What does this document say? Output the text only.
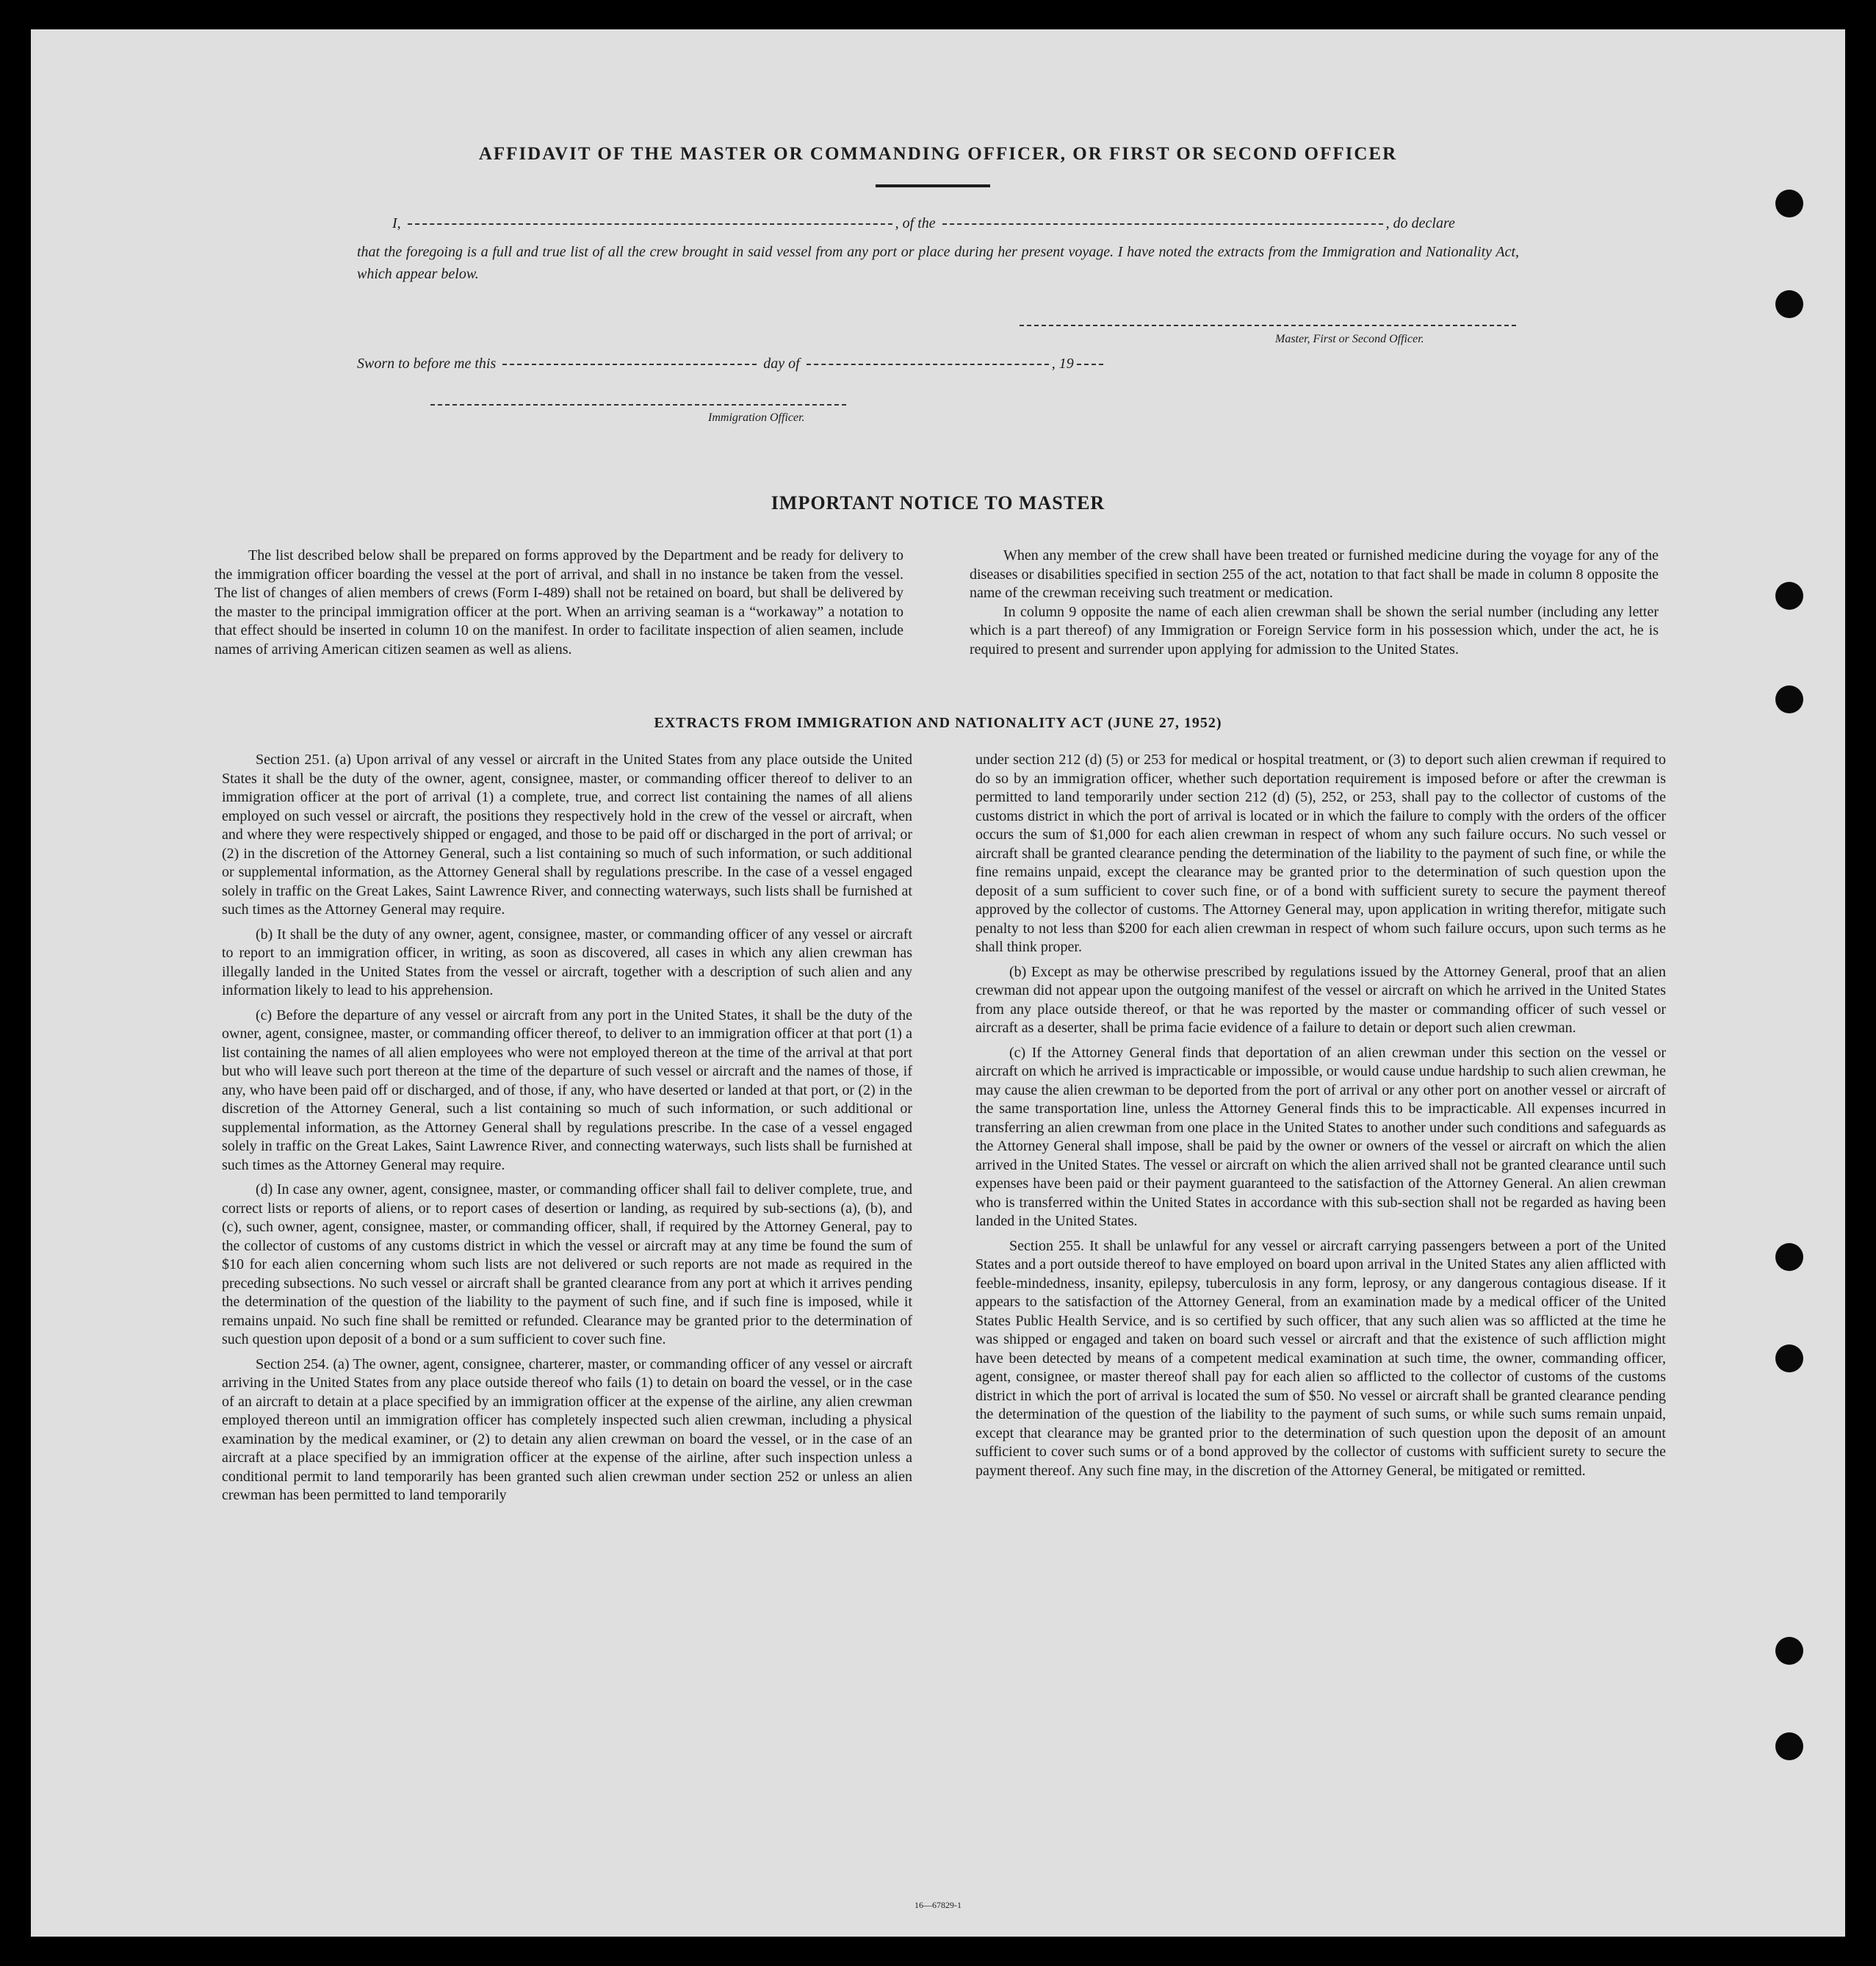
AFFIDAVIT OF THE MASTER OR COMMANDING OFFICER, OR FIRST OR SECOND OFFICER
I,	, of the	, do declare
that the foregoing is a full and true list of all the crew brought in said vessel from any port or place during her present voyage. I have noted the extracts from the Immigration and Nationality Act, which appear below.
Master, First or Second Officer.
Sworn to before me this	day of	, 19
Immigration Officer.
IMPORTANT NOTICE TO MASTER

The list described below shall be prepared on forms approved by the Department and be ready for delivery to the immigration officer boarding the vessel at the port of arrival, and shall in no instance be taken from the vessel. The list of changes of alien members of crews (Form I-489) shall not be retained on board, but shall be delivered by the master to the principal immigration officer at the port. When an arriving seaman is a “workaway” a notation to that effect should be inserted in column 10 on the manifest. In order to facilitate inspection of alien seamen, include names of arriving American citizen seamen as well as aliens.

When any member of the crew shall have been treated or furnished medicine during the voyage for any of the diseases or disabilities specified in section 255 of the act, notation to that fact shall be made in column 8 opposite the name of the crewman receiving such treatment or medication.

In column 9 opposite the name of each alien crewman shall be shown the serial number (including any letter which is a part thereof) of any Immigration or Foreign Service form in his possession which, under the act, he is required to present and surrender upon applying for admission to the United States.

EXTRACTS FROM IMMIGRATION AND NATIONALITY ACT (JUNE 27, 1952)

Section 251. (a) Upon arrival of any vessel or aircraft in the United States from any place outside the United States it shall be the duty of the owner, agent, consignee, master, or commanding officer thereof to deliver to an immigration officer at the port of arrival (1) a complete, true, and correct list containing the names of all aliens employed on such vessel or aircraft, the positions they respectively hold in the crew of the vessel or aircraft, when and where they were respectively shipped or engaged, and those to be paid off or discharged in the port of arrival; or (2) in the discretion of the Attorney General, such a list containing so much of such information, or such additional or supplemental information, as the Attorney General shall by regulations prescribe. In the case of a vessel engaged solely in traffic on the Great Lakes, Saint Lawrence River, and connecting waterways, such lists shall be furnished at such times as the Attorney General may require.

(b) It shall be the duty of any owner, agent, consignee, master, or commanding officer of any vessel or aircraft to report to an immigration officer, in writing, as soon as discovered, all cases in which any alien crewman has illegally landed in the United States from the vessel or aircraft, together with a description of such alien and any information likely to lead to his apprehension.

(c) Before the departure of any vessel or aircraft from any port in the United States, it shall be the duty of the owner, agent, consignee, master, or commanding officer thereof, to deliver to an immigration officer at that port (1) a list containing the names of all alien employees who were not employed thereon at the time of the arrival at that port but who will leave such port thereon at the time of the departure of such vessel or aircraft and the names of those, if any, who have been paid off or discharged, and of those, if any, who have deserted or landed at that port, or (2) in the discretion of the Attorney General, such a list containing so much of such information, or such additional or supplemental information, as the Attorney General shall by regulations prescribe. In the case of a vessel engaged solely in traffic on the Great Lakes, Saint Lawrence River, and connecting waterways, such lists shall be furnished at such times as the Attorney General may require.

(d) In case any owner, agent, consignee, master, or commanding officer shall fail to deliver complete, true, and correct lists or reports of aliens, or to report cases of desertion or landing, as required by sub-sections (a), (b), and (c), such owner, agent, consignee, master, or commanding officer, shall, if required by the Attorney General, pay to the collector of customs of any customs district in which the vessel or aircraft may at any time be found the sum of $10 for each alien concerning whom such lists are not delivered or such reports are not made as required in the preceding subsections. No such vessel or aircraft shall be granted clearance from any port at which it arrives pending the determination of the question of the liability to the payment of such fine, and if such fine is imposed, while it remains unpaid. No such fine shall be remitted or refunded. Clearance may be granted prior to the determination of such question upon deposit of a bond or a sum sufficient to cover such fine.

Section 254. (a) The owner, agent, consignee, charterer, master, or commanding officer of any vessel or aircraft arriving in the United States from any place outside thereof who fails (1) to detain on board the vessel, or in the case of an aircraft to detain at a place specified by an immigration officer at the expense of the airline, any alien crewman employed thereon until an immigration officer has completely inspected such alien crewman, including a physical examination by the medical examiner, or (2) to detain any alien crewman on board the vessel, or in the case of an aircraft at a place specified by an immigration officer at the expense of the airline, after such inspection unless a conditional permit to land temporarily has been granted such alien crewman under section 252 or unless an alien crewman has been permitted to land temporarily

under section 212 (d) (5) or 253 for medical or hospital treatment, or (3) to deport such alien crewman if required to do so by an immigration officer, whether such deportation requirement is imposed before or after the crewman is permitted to land temporarily under section 212 (d) (5), 252, or 253, shall pay to the collector of customs of the customs district in which the port of arrival is located or in which the failure to comply with the orders of the officer occurs the sum of $1,000 for each alien crewman in respect of whom any such failure occurs. No such vessel or aircraft shall be granted clearance pending the determination of the liability to the payment of such fine, or while the fine remains unpaid, except the clearance may be granted prior to the determination of such question upon the deposit of a sum sufficient to cover such fine, or of a bond with sufficient surety to secure the payment thereof approved by the collector of customs. The Attorney General may, upon application in writing therefor, mitigate such penalty to not less than $200 for each alien crewman in respect of whom such failure occurs, upon such terms as he shall think proper.

(b) Except as may be otherwise prescribed by regulations issued by the Attorney General, proof that an alien crewman did not appear upon the outgoing manifest of the vessel or aircraft on which he arrived in the United States from any place outside thereof, or that he was reported by the master or commanding officer of such vessel or aircraft as a deserter, shall be prima facie evidence of a failure to detain or deport such alien crewman.

(c) If the Attorney General finds that deportation of an alien crewman under this section on the vessel or aircraft on which he arrived is impracticable or impossible, or would cause undue hardship to such alien crewman, he may cause the alien crewman to be deported from the port of arrival or any other port on another vessel or aircraft of the same transportation line, unless the Attorney General finds this to be impracticable. All expenses incurred in transferring an alien crewman from one place in the United States to another under such conditions and safeguards as the Attorney General shall impose, shall be paid by the owner or owners of the vessel or aircraft on which the alien arrived in the United States. The vessel or aircraft on which the alien arrived shall not be granted clearance until such expenses have been paid or their payment guaranteed to the satisfaction of the Attorney General. An alien crewman who is transferred within the United States in accordance with this sub-section shall not be regarded as having been landed in the United States.

Section 255. It shall be unlawful for any vessel or aircraft carrying passengers between a port of the United States and a port outside thereof to have employed on board upon arrival in the United States any alien afflicted with feeble-mindedness, insanity, epilepsy, tuberculosis in any form, leprosy, or any dangerous contagious disease. If it appears to the satisfaction of the Attorney General, from an examination made by a medical officer of the United States Public Health Service, and is so certified by such officer, that any such alien was so afflicted at the time he was shipped or engaged and taken on board such vessel or aircraft and that the existence of such affliction might have been detected by means of a competent medical examination at such time, the owner, commanding officer, agent, consignee, or master thereof shall pay for each alien so afflicted to the collector of customs of the customs district in which the port of arrival is located the sum of $50. No vessel or aircraft shall be granted clearance pending the determination of the question of the liability to the payment of such sums, or while such sums remain unpaid, except that clearance may be granted prior to the determination of such question upon the deposit of an amount sufficient to cover such sums or of a bond approved by the collector of customs with sufficient surety to secure the payment thereof. Any such fine may, in the discretion of the Attorney General, be mitigated or remitted.

16—67829-1
